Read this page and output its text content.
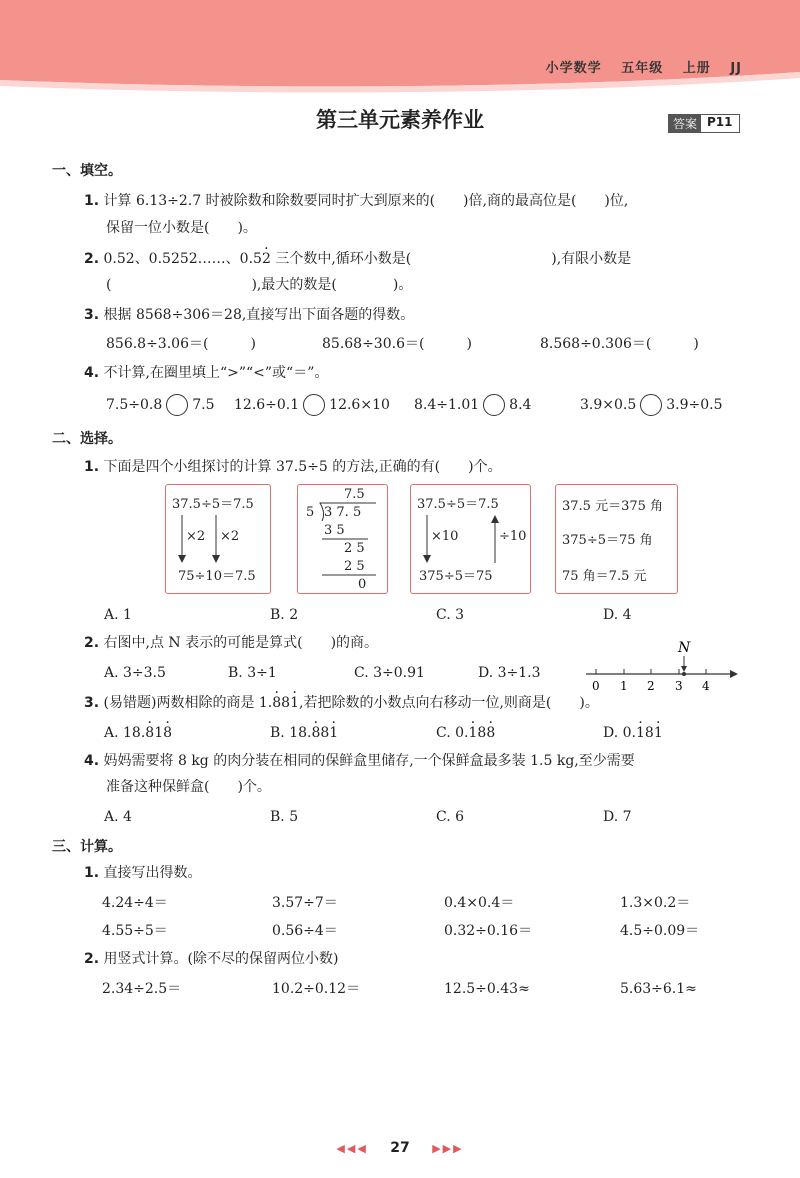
小学数学 五年级 上册 JJ
第三单元素养作业	答案 P11
一、填空。
1. 计算 6.13÷2.7 时被除数和除数要同时扩大到原来的(　　)倍,商的最高位是(　　)位,
保留一位小数是(　　)。
2. 0.52、0.5252……、0.5· 2 三个数中,循环小数是(　　　　　　　　　　),有限小数是
(　　　　　　　　　　),最大的数是(　　　　)。
3. 根据 8568÷306＝28,直接写出下面各题的得数。
856.8÷3.06＝(　　　)	85.68÷30.6＝(　　　)	8.568÷0.306＝(　　　)
4. 不计算,在圈里填上“>”“<”或“＝”。
7.5÷0.8 7.5 12.6÷0.1 12.6×10 8.4÷1.01 8.4	3.9×0.5 3.9÷0.5
二、选择。
1. 下面是四个小组探讨的计算 37.5÷5 的方法,正确的有(　　)个。
37.5÷5＝7.5
×2 ×2
75÷10＝7.5
7.5
5 3 7. 5
3 5
2 5
2 5
0
37.5÷5＝7.5
×10	÷10
375÷5＝75
37.5 元＝375 角
375÷5＝75 角
75 角＝7.5 元
A. 1	B. 2	C. 3	D. 4
2. 右图中,点 N 表示的可能是算式(　　)的商。
A. 3÷3.5	B. 3÷1	C. 3÷0.91	D. 3÷1.3
N
0 1 2 3 4
3. (易错题)两数相除的商是 1.· 88· 1,若把除数的小数点向右移动一位,则商是(　　)。
A. 18.· 81· 8	B. 18.· 88· 1	C. 0.· 18· 8	D. 0.· 18· 1
4. 妈妈需要将 8 kg 的肉分装在相同的保鲜盒里储存,一个保鲜盒最多装 1.5 kg,至少需要
准备这种保鲜盒(　　)个。
A. 4	B. 5	C. 6	D. 7
三、计算。
1. 直接写出得数。
4.24÷4＝	3.57÷7＝	0.4×0.4＝	1.3×0.2＝
4.55÷5＝	0.56÷4＝	0.32÷0.16＝	4.5÷0.09＝
2. 用竖式计算。(除不尽的保留两位小数)
2.34÷2.5＝	10.2÷0.12＝	12.5÷0.43≈	5.63÷6.1≈
◀◀◀ 27 ▶▶▶
